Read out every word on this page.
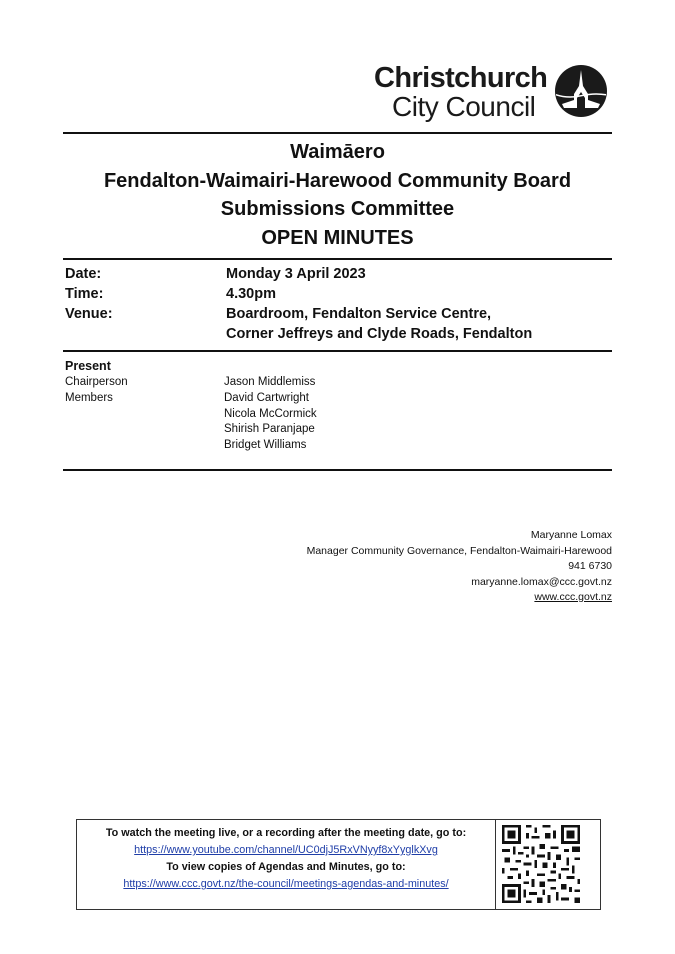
Christchurch
City Council
Waimāero
Fendalton-Waimairi-Harewood Community Board
Submissions Committee
OPEN MINUTES
Date:	Monday 3 April 2023
Time:	4.30pm
Venue:	Boardroom, Fendalton Service Centre,
Corner Jeffreys and Clyde Roads, Fendalton
Present
Chairperson	Jason Middlemiss
Members	David Cartwright
Nicola McCormick
Shirish Paranjape
Bridget Williams
Maryanne Lomax
Manager Community Governance, Fendalton-Waimairi-Harewood
941 6730
maryanne.lomax@ccc.govt.nz
www.ccc.govt.nz
To watch the meeting live, or a recording after the meeting date, go to:
https://www.youtube.com/channel/UC0djJ5RxVNyyf8xYyglkXvg
To view copies of Agendas and Minutes, go to:
https://www.ccc.govt.nz/the-council/meetings-agendas-and-minutes/
